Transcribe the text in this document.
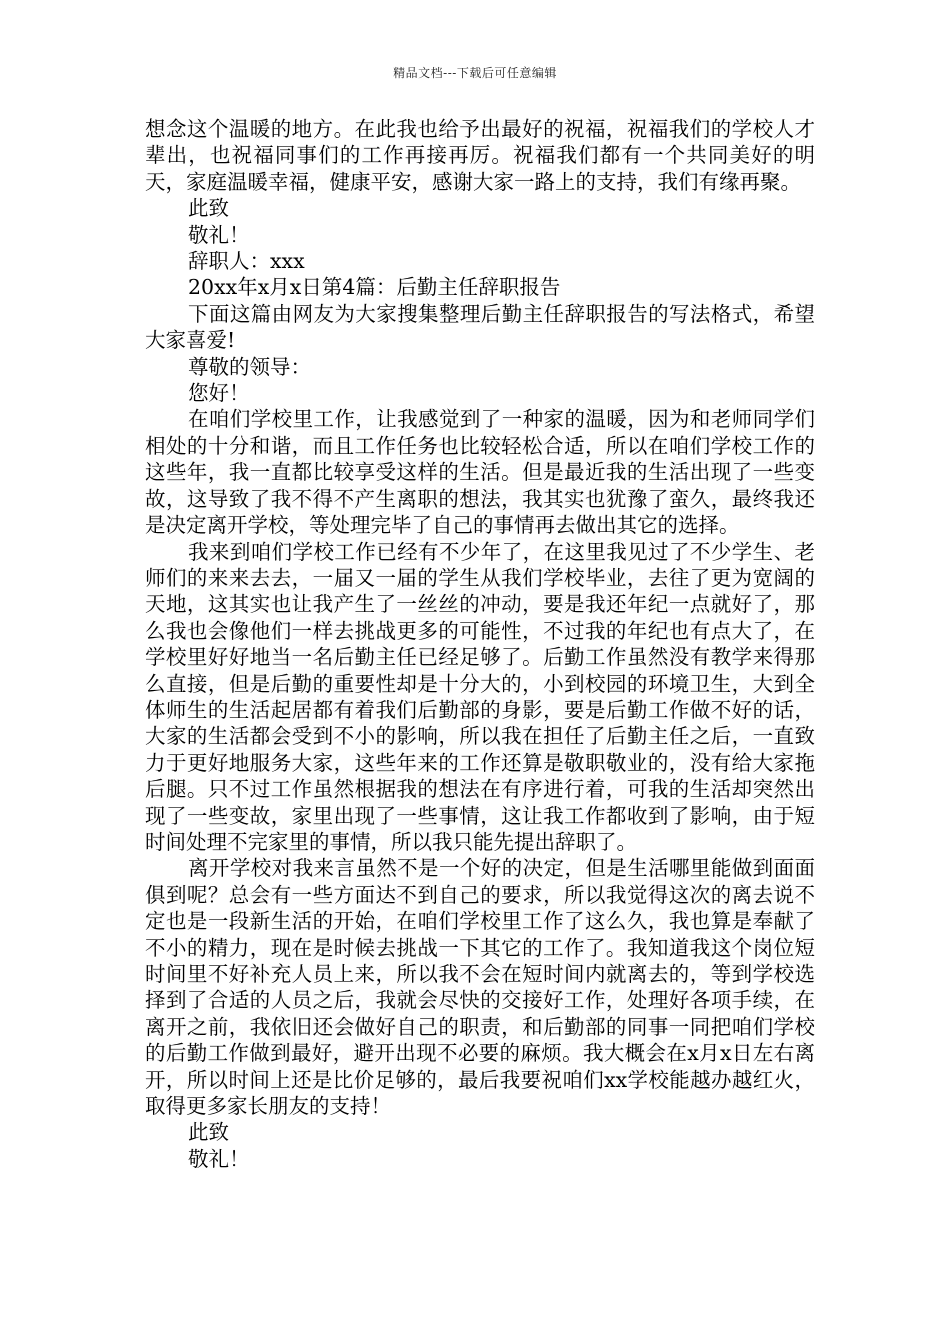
精品文档---下载后可任意编辑

想念这个温暖的地方。在此我也给予出最好的祝福，祝福我们的学校人才辈出，也祝福同事们的工作再接再厉。祝福我们都有一个共同美好的明天，家庭温暖幸福，健康平安，感谢大家一路上的支持，我们有缘再聚。

此致

敬礼！

辞职人：xxx

20xx年x月x日第4篇：后勤主任辞职报告

下面这篇由网友为大家搜集整理后勤主任辞职报告的写法格式，希望大家喜爱!

尊敬的领导：

您好！

在咱们学校里工作，让我感觉到了一种家的温暖，因为和老师同学们相处的十分和谐，而且工作任务也比较轻松合适，所以在咱们学校工作的这些年，我一直都比较享受这样的生活。但是最近我的生活出现了一些变故，这导致了我不得不产生离职的想法，我其实也犹豫了蛮久，最终我还是决定离开学校，等处理完毕了自己的事情再去做出其它的选择。

我来到咱们学校工作已经有不少年了，在这里我见过了不少学生、老师们的来来去去，一届又一届的学生从我们学校毕业，去往了更为宽阔的天地，这其实也让我产生了一丝丝的冲动，要是我还年纪一点就好了，那么我也会像他们一样去挑战更多的可能性，不过我的年纪也有点大了，在学校里好好地当一名后勤主任已经足够了。后勤工作虽然没有教学来得那么直接，但是后勤的重要性却是十分大的，小到校园的环境卫生，大到全体师生的生活起居都有着我们后勤部的身影，要是后勤工作做不好的话，大家的生活都会受到不小的影响，所以我在担任了后勤主任之后，一直致力于更好地服务大家，这些年来的工作还算是敬职敬业的，没有给大家拖后腿。只不过工作虽然根据我的想法在有序进行着，可我的生活却突然出现了一些变故，家里出现了一些事情，这让我工作都收到了影响，由于短时间处理不完家里的事情，所以我只能先提出辞职了。

离开学校对我来言虽然不是一个好的决定，但是生活哪里能做到面面俱到呢？总会有一些方面达不到自己的要求，所以我觉得这次的离去说不定也是一段新生活的开始，在咱们学校里工作了这么久，我也算是奉献了不小的精力，现在是时候去挑战一下其它的工作了。我知道我这个岗位短时间里不好补充人员上来，所以我不会在短时间内就离去的，等到学校选择到了合适的人员之后，我就会尽快的交接好工作，处理好各项手续，在离开之前，我依旧还会做好自己的职责，和后勤部的同事一同把咱们学校的后勤工作做到最好，避开出现不必要的麻烦。我大概会在x月x日左右离开，所以时间上还是比价足够的，最后我要祝咱们xx学校能越办越红火，取得更多家长朋友的支持！

此致

敬礼！
